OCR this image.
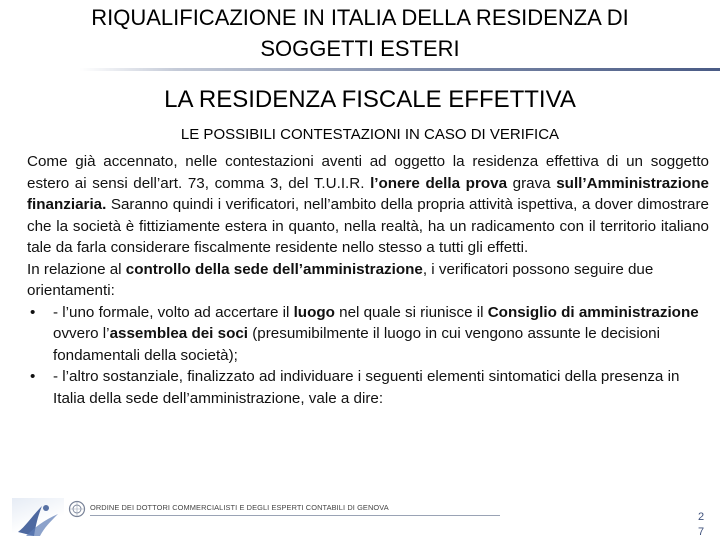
RIQUALIFICAZIONE IN ITALIA DELLA RESIDENZA DI
SOGGETTI ESTERI
LA RESIDENZA FISCALE EFFETTIVA
LE POSSIBILI CONTESTAZIONI IN CASO DI VERIFICA

Come già accennato, nelle contestazioni aventi ad oggetto la residenza effettiva di un soggetto estero ai sensi dell’art. 73, comma 3, del T.U.I.R. l’onere della prova grava sull’Amministrazione finanziaria. Saranno quindi i verificatori, nell’ambito della propria attività ispettiva, a dover dimostrare che la società è fittiziamente estera in quanto, nella realtà, ha un radicamento con il territorio italiano tale da farla considerare fiscalmente residente nello stesso a tutti gli effetti.

In relazione al controllo della sede dell’amministrazione, i verificatori possono seguire due orientamenti:

• - l’uno formale, volto ad accertare il luogo nel quale si riunisce il Consiglio di amministrazione ovvero l’assemblea dei soci (presumibilmente il luogo in cui vengono assunte le decisioni fondamentali della società);
• - l’altro sostanziale, finalizzato ad individuare i seguenti elementi sintomatici della presenza in Italia della sede dell’amministrazione, vale a dire:
ORDINE DEI DOTTORI COMMERCIALISTI E DEGLI ESPERTI CONTABILI DI GENOVA
2
7
